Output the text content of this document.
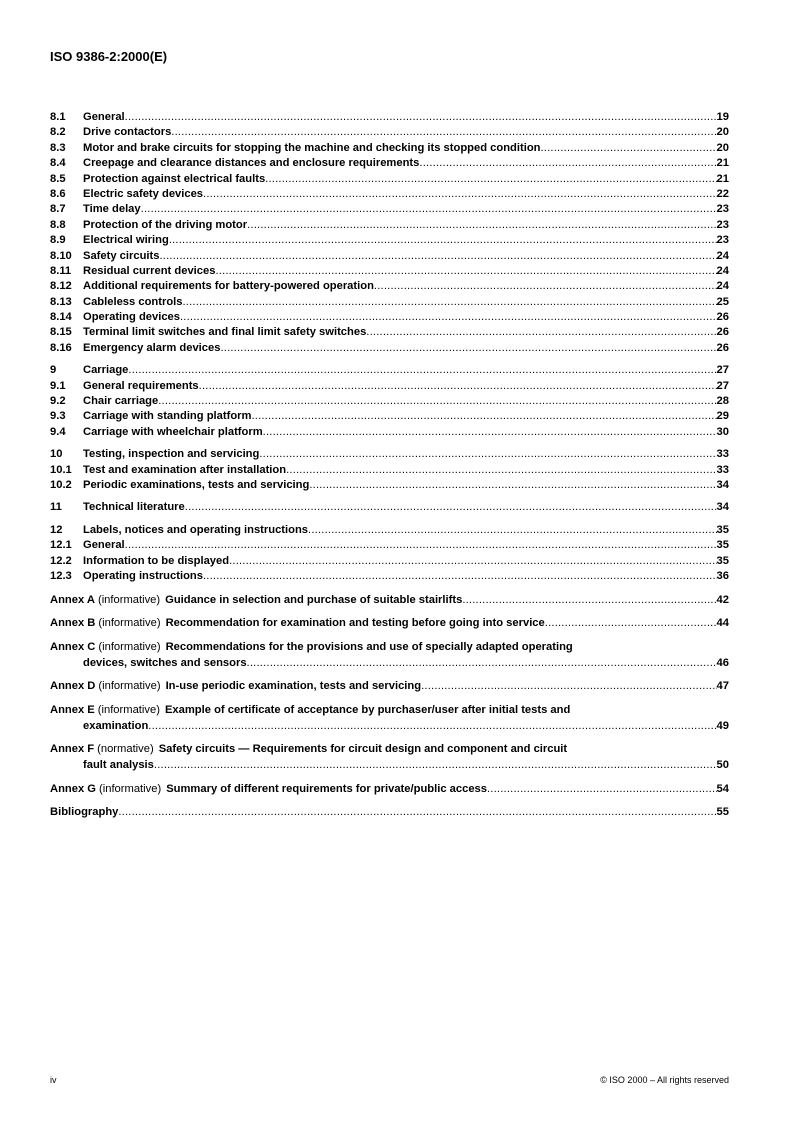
ISO 9386-2:2000(E)
8.1	General .....	19
8.2	Drive contactors .....	20
8.3	Motor and brake circuits for stopping the machine and checking its stopped condition .....	20
8.4	Creepage and clearance distances and enclosure requirements .....	21
8.5	Protection against electrical faults .....	21
8.6	Electric safety devices .....	22
8.7	Time delay .....	23
8.8	Protection of the driving motor .....	23
8.9	Electrical wiring .....	23
8.10	Safety circuits .....	24
8.11	Residual current devices .....	24
8.12	Additional requirements for battery-powered operation .....	24
8.13	Cableless controls .....	25
8.14	Operating devices .....	26
8.15	Terminal limit switches and final limit safety switches .....	26
8.16	Emergency alarm devices .....	26
9	Carriage .....	27
9.1	General requirements .....	27
9.2	Chair carriage .....	28
9.3	Carriage with standing platform .....	29
9.4	Carriage with wheelchair platform .....	30
10	Testing, inspection and servicing .....	33
10.1	Test and examination after installation .....	33
10.2	Periodic examinations, tests and servicing .....	34
11	Technical literature .....	34
12	Labels, notices and operating instructions .....	35
12.1	General .....	35
12.2	Information to be displayed .....	35
12.3	Operating instructions .....	36
Annex A (informative) Guidance in selection and purchase of suitable stairlifts .....	42
Annex B (informative) Recommendation for examination and testing before going into service .....	44
Annex C (informative) Recommendations for the provisions and use of specially adapted operating
devices, switches and sensors .....	46
Annex D (informative) In-use periodic examination, tests and servicing .....	47
Annex E (informative) Example of certificate of acceptance by purchaser/user after initial tests and
examination .....	49
Annex F (normative) Safety circuits — Requirements for circuit design and component and circuit
fault analysis .....	50
Annex G (informative) Summary of different requirements for private/public access .....	54
Bibliography .....	55
iv	© ISO 2000 – All rights reserved
